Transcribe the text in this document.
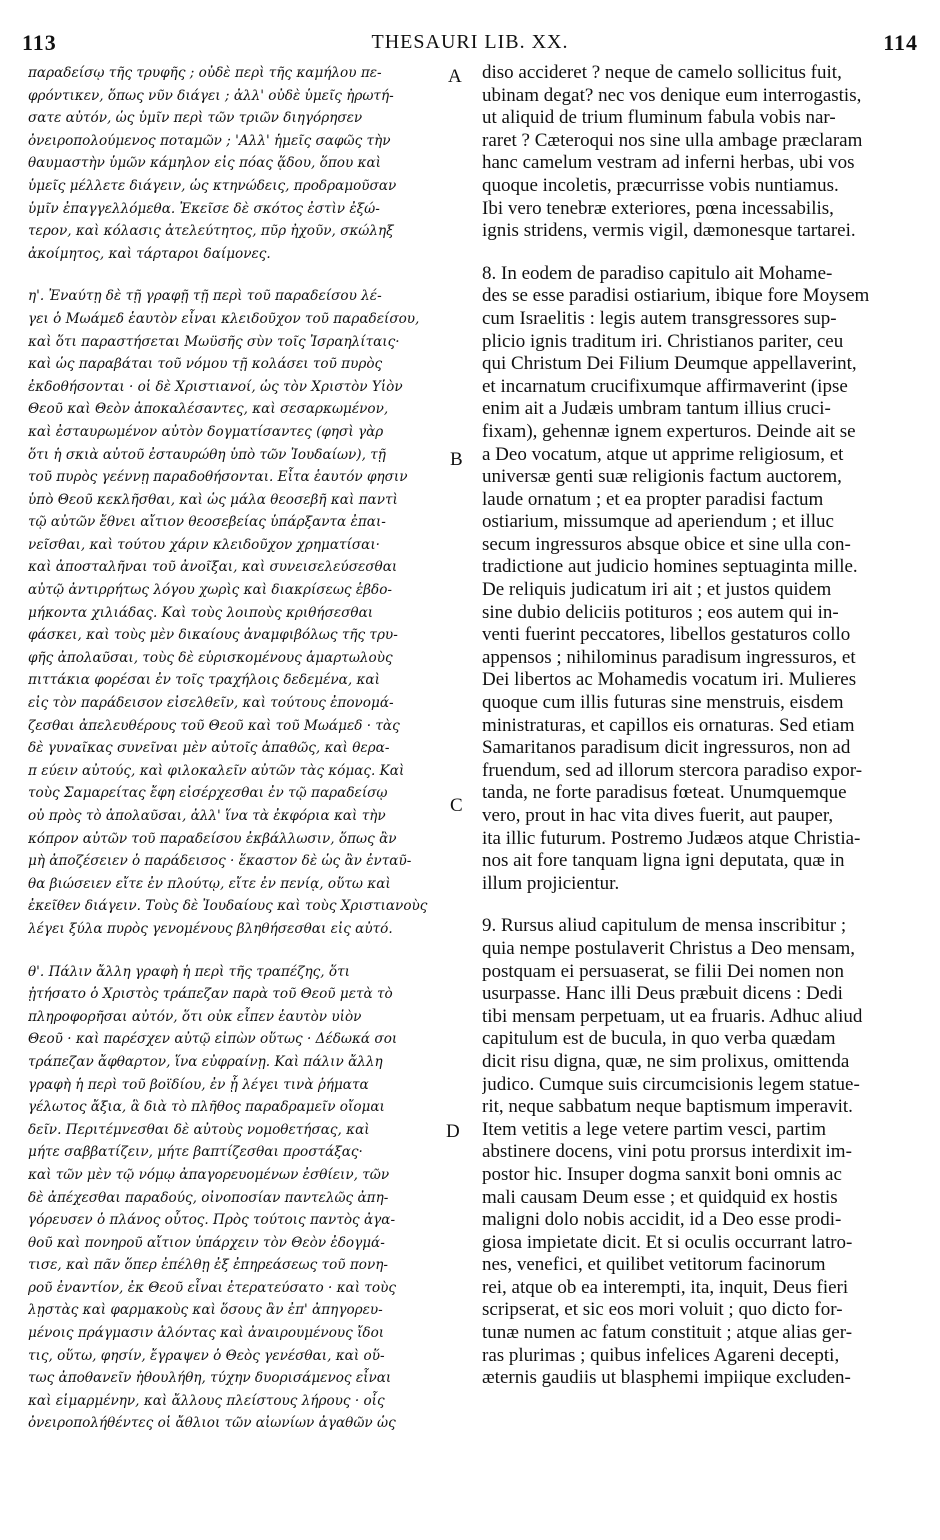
113	THESAURI LIB. XX.	114
παραδείσῳ τῆς τρυφῆς ; οὐδὲ περὶ τῆς καμήλου πε-
φρόντικεν, ὅπως νῦν διάγει ; ἀλλ' οὐδὲ ὑμεῖς ἠρωτή-
σατε αὐτόν, ὡς ὑμῖν περὶ τῶν τριῶν διηγόρησεν
ὀνειροπολούμενος ποταμῶν ; 'Αλλ' ἡμεῖς σαφῶς τὴν
θαυμαστὴν ὑμῶν κάμηλον εἰς πόας ᾅδου, ὅπου καὶ
ὑμεῖς μέλλετε διάγειν, ὡς κτηνώδεις, προδραμοῦσαν
ὑμῖν ἐπαγγελλόμεθα. Ἐκεῖσε δὲ σκότος ἐστὶν ἐξώ-
τερον, καὶ κόλασις ἀτελεύτητος, πῦρ ἠχοῦν, σκώληξ
ἀκοίμητος, καὶ τάρταροι δαίμονες.
η'. Ἐναύτῃ δὲ τῇ γραφῇ τῇ περὶ τοῦ παραδείσου λέ-
γει ὁ Μωάμεδ ἑαυτὸν εἶναι κλειδοῦχον τοῦ παραδείσου,
καὶ ὅτι παραστήσεται Μωϋσῆς σὺν τοῖς Ἰσραηλίταις·
καὶ ὡς παραβάται τοῦ νόμου τῇ κολάσει τοῦ πυρὸς
ἐκδοθήσονται · οἱ δὲ Χριστιανοί, ὡς τὸν Χριστὸν Υἱὸν
Θεοῦ καὶ Θεὸν ἀποκαλέσαντες, καὶ σεσαρκωμένον,
καὶ ἐσταυρωμένον αὐτὸν δογματίσαντες (φησὶ γὰρ
ὅτι ἡ σκιὰ αὐτοῦ ἐσταυρώθη ὑπὸ τῶν Ἰουδαίων), τῇ
τοῦ πυρὸς γεέννῃ παραδοθήσονται. Εἶτα ἑαυτόν φησιν
ὑπὸ Θεοῦ κεκλῆσθαι, καὶ ὡς μάλα θεοσεβῆ καὶ παντὶ
τῷ αὐτῶν ἔθνει αἴτιον θεοσεβείας ὑπάρξαντα ἐπαι-
νεῖσθαι, καὶ τούτου χάριν κλειδοῦχον χρηματίσαι·
καὶ ἀποσταλῆναι τοῦ ἀνοῖξαι, καὶ συνεισελεύσεσθαι
αὐτῷ ἀντιρρήτως λόγου χωρὶς καὶ διακρίσεως ἑβδο-
μήκοντα χιλιάδας. Καὶ τοὺς λοιποὺς κριθήσεσθαι
φάσκει, καὶ τοὺς μὲν δικαίους ἀναμφιβόλως τῆς τρυ-
φῆς ἀπολαῦσαι, τοὺς δὲ εὑρισκομένους ἁμαρτωλοὺς
πιττάκια φορέσαι ἐν τοῖς τραχήλοις δεδεμένα, καὶ
εἰς τὸν παράδεισον εἰσελθεῖν, καὶ τούτους ἐπονομά-
ζεσθαι ἀπελευθέρους τοῦ Θεοῦ καὶ τοῦ Μωάμεδ · τὰς
δὲ γυναῖκας συνεῖναι μὲν αὐτοῖς ἀπαθῶς, καὶ θερα-
π εύειν αὐτούς, καὶ φιλοκαλεῖν αὐτῶν τὰς κόμας. Καὶ
τοὺς Σαμαρείτας ἔφη εἰσέρχεσθαι ἐν τῷ παραδείσῳ
οὐ πρὸς τὸ ἀπολαῦσαι, ἀλλ' ἵνα τὰ ἐκφόρια καὶ τὴν
κόπρον αὐτῶν τοῦ παραδείσου ἐκβάλλωσιν, ὅπως ἂν
μὴ ἀποζέσειεν ὁ παράδεισος · ἕκαστον δὲ ὡς ἂν ἐνταῦ-
θα βιώσειεν εἴτε ἐν πλούτῳ, εἴτε ἐν πενίᾳ, οὕτω καὶ
ἐκεῖθεν διάγειν. Τοὺς δὲ Ἰουδαίους καὶ τοὺς Χριστιανοὺς
λέγει ξύλα πυρὸς γενομένους βληθήσεσθαι εἰς αὐτό.
θ'. Πάλιν ἄλλη γραφὴ ἡ περὶ τῆς τραπέζης, ὅτι
ᾐτήσατο ὁ Χριστὸς τράπεζαν παρὰ τοῦ Θεοῦ μετὰ τὸ
πληροφορῆσαι αὐτόν, ὅτι οὐκ εἶπεν ἑαυτὸν υἱὸν
Θεοῦ · καὶ παρέσχεν αὐτῷ εἰπὼν οὕτως · Δέδωκά σοι
τράπεζαν ἄφθαρτον, ἵνα εὐφραίνῃ. Καὶ πάλιν ἄλλη
γραφὴ ἡ περὶ τοῦ βοϊδίου, ἐν ᾗ λέγει τινὰ ῥήματα
γέλωτος ἄξια, ἃ διὰ τὸ πλῆθος παραδραμεῖν οἴομαι
δεῖν. Περιτέμνεσθαι δὲ αὐτοὺς νομοθετήσας, καὶ
μήτε σαββατίζειν, μήτε βαπτίζεσθαι προστάξας·
καὶ τῶν μὲν τῷ νόμῳ ἀπαγορευομένων ἐσθίειν, τῶν
δὲ ἀπέχεσθαι παραδούς, οἰνοποσίαν παντελῶς ἀπη-
γόρευσεν ὁ πλάνος οὗτος. Πρὸς τούτοις παντὸς ἀγα-
θοῦ καὶ πονηροῦ αἴτιον ὑπάρχειν τὸν Θεὸν ἐδογμά-
τισε, καὶ πᾶν ὅπερ ἐπέλθῃ ἐξ ἐπηρεάσεως τοῦ πονη-
ροῦ ἐναντίον, ἐκ Θεοῦ εἶναι ἐτερατεύσατο · καὶ τοὺς
λῃστὰς καὶ φαρμακοὺς καὶ ὅσους ἂν ἐπ' ἀπηγορευ-
μένοις πράγμασιν ἁλόντας καὶ ἀναιρουμένους ἴδοι
τις, οὕτω, φησίν, ἔγραψεν ὁ Θεὸς γενέσθαι, καὶ οὕ-
τως ἀποθανεῖν ἠθουλήθη, τύχην δυορισάμενος εἶναι
καὶ εἱμαρμένην, καὶ ἄλλους πλείστους λήρους · οἷς
ὀνειροπολήθέντες οἱ ἄθλιοι τῶν αἰωνίων ἀγαθῶν ὡς
diso accideret ? neque de camelo sollicitus fuit,
ubinam degat? nec vos denique eum interrogastis,
ut aliquid de trium fluminum fabula vobis nar-
raret ? Cæteroqui nos sine ulla ambage præclaram
hanc camelum vestram ad inferni herbas, ubi vos
quoque incoletis, præcurrisse vobis nuntiamus.
Ibi vero tenebræ exteriores, pœna incessabilis,
ignis stridens, vermis vigil, dæmonesque tartarei.
8. In eodem de paradiso capitulo ait Mohame-
des se esse paradisi ostiarium, ibique fore Moysem
cum Israelitis : legis autem transgressores sup-
plicio ignis traditum iri. Christianos pariter, ceu
qui Christum Dei Filium Deumque appellaverint,
et incarnatum crucifixumque affirmaverint (ipse
enim ait a Judæis umbram tantum illius cruci-
fixam), gehennæ ignem experturos. Deinde ait se
a Deo vocatum, atque ut apprime religiosum, et
universæ genti suæ religionis factum auctorem,
laude ornatum ; et ea propter paradisi factum
ostiarium, missumque ad aperiendum ; et illuc
secum ingressuros absque obice et sine ulla con-
tradictione aut judicio homines septuaginta mille.
De reliquis judicatum iri ait ; et justos quidem
sine dubio deliciis potituros ; eos autem qui in-
venti fuerint peccatores, libellos gestaturos collo
appensos ; nihilominus paradisum ingressuros, et
Dei libertos ac Mohamedis vocatum iri. Mulieres
quoque cum illis futuras sine menstruis, eisdem
ministraturas, et capillos eis ornaturas. Sed etiam
Samaritanos paradisum dicit ingressuros, non ad
fruendum, sed ad illorum stercora paradiso expor-
tanda, ne forte paradisus fœteat. Unumquemque
vero, prout in hac vita dives fuerit, aut pauper,
ita illic futurum. Postremo Judæos atque Christia-
nos ait fore tanquam ligna igni deputata, quæ in
illum projicientur.
9. Rursus aliud capitulum de mensa inscribitur ;
quia nempe postulaverit Christus a Deo mensam,
postquam ei persuaserat, se filii Dei nomen non
usurpasse. Hanc illi Deus præbuit dicens : Dedi
tibi mensam perpetuam, ut ea fruaris. Adhuc aliud
capitulum est de bucula, in quo verba quædam
dicit risu digna, quæ, ne sim prolixus, omittenda
judico. Cumque suis circumcisionis legem statue-
rit, neque sabbatum neque baptismum imperavit.
Item vetitis a lege vetere partim vesci, partim
abstinere docens, vini potu prorsus interdixit im-
postor hic. Insuper dogma sanxit boni omnis ac
mali causam Deum esse ; et quidquid ex hostis
maligni dolo nobis accidit, id a Deo esse prodi-
giosa impietate dicit. Et si oculis occurrant latro-
nes, venefici, et quilibet vetitorum facinorum
rei, atque ob ea interempti, ita, inquit, Deus fieri
scripserat, et sic eos mori voluit ; quo dicto for-
tunæ numen ac fatum constituit ; atque alias ger-
ras plurimas ; quibus infelices Agareni decepti,
æternis gaudiis ut blasphemi impiique excluden-
A
B
C
D
